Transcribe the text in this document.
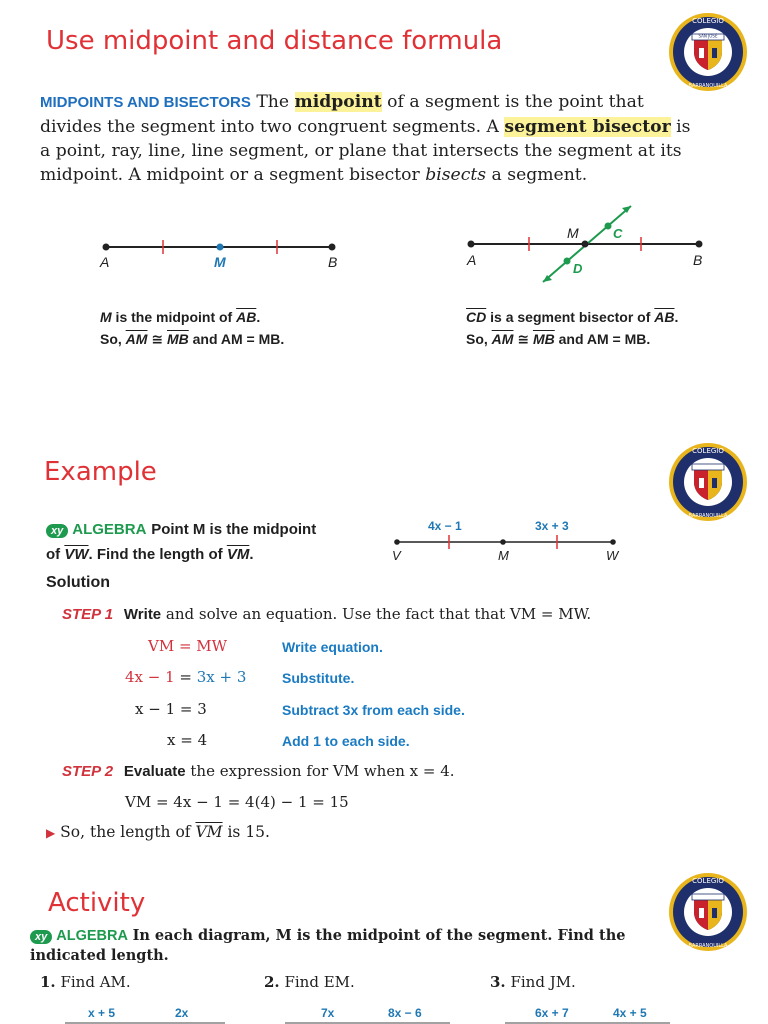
Use midpoint and distance formula
COLEGIO
BARRANQUILLA
SAN JOSÉ
MIDPOINTS AND BISECTORS The midpoint of a segment is the point that
divides the segment into two congruent segments. A segment bisector is
a point, ray, line, line segment, or plane that intersects the segment at its
midpoint. A midpoint or a segment bisector bisects a segment.
A	M	B
M is the midpoint of $\overline{AB}$.
So, $\overline{AM}$ ≅ $\overline{MB}$ and AM = MB.
A
M	C
D
B
$\overline{CD}$ is a segment bisector of $\overline{AB}$.
So, $\overline{AM}$ ≅ $\overline{MB}$ and AM = MB.
Example
COLEGIO
BARRANQUILLA
xy ALGEBRA Point M is the midpoint
of $\overline{VW}$. Find the length of $\overline{VM}$.
4x − 1	3x + 3
V	M	W
Solution
STEP 1 Write and solve an equation. Use the fact that that VM = MW.
VM = MW	Write equation.
4x − 1 = 3x + 3	Substitute.
x − 1 = 3	Subtract 3x from each side.
x = 4	Add 1 to each side.
STEP 2 Evaluate the expression for VM when x = 4.
VM = 4x − 1 = 4(4) − 1 = 15
▶ So, the length of $\overline{VM}$ is 15.
Activity
COLEGIO
BARRANQUILLA
xy ALGEBRA In each diagram, M is the midpoint of the segment. Find the
indicated length.
1. Find AM.	2. Find EM.	3. Find JM.
x + 5	2x	7x	8x − 6	6x + 7	4x + 5
